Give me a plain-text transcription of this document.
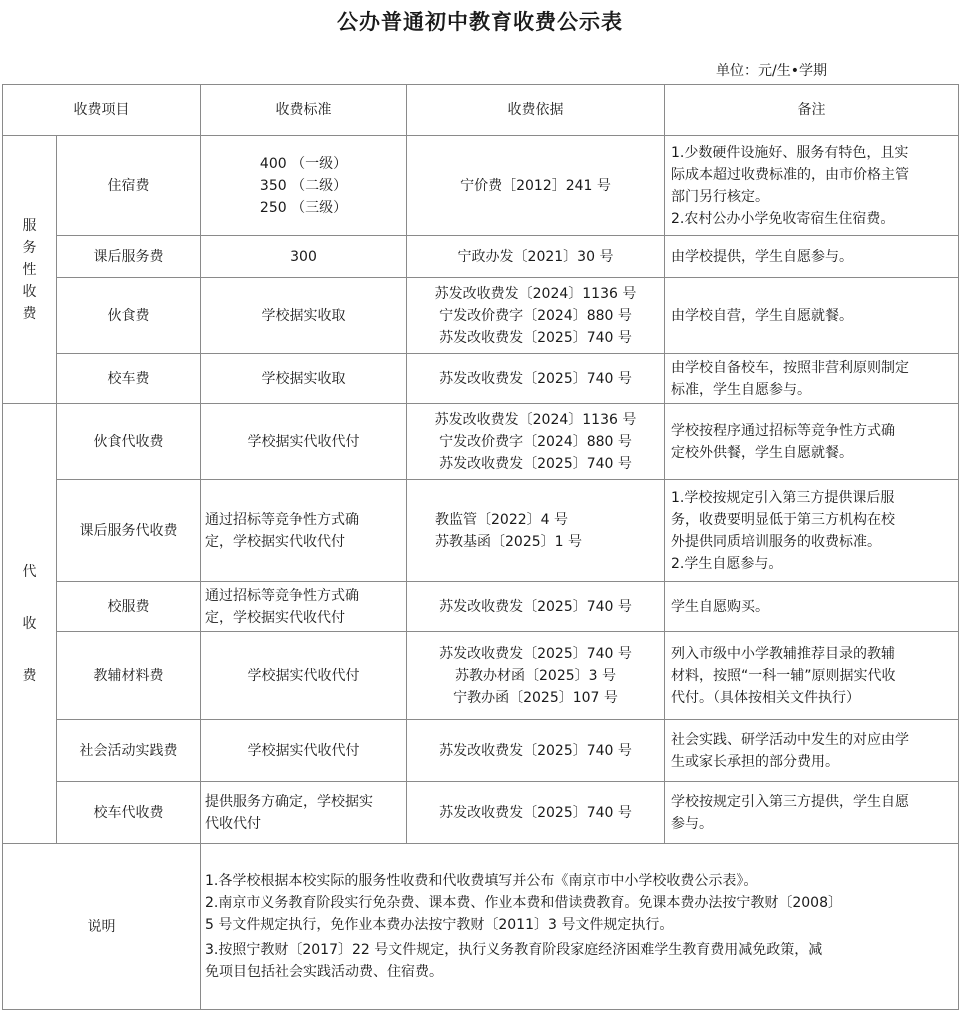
公办普通初中教育收费公示表
单位：元/生•学期
收费项目		收费标准	收费依据	备注

服
务
性
收
费	住宿费	400 （一级）
350 （二级）
250 （三级）	宁价费［2012］241 号	1.少数硬件设施好、服务有特色，且实
际成本超过收费标准的，由市价格主管
部门另行核定。
2.农村公办小学免收寄宿生住宿费。

	课后服务费	300	宁政办发〔2021〕30 号	由学校提供，学生自愿参与。
	伙食费	学校据实收取	苏发改收费发〔2024〕1136 号
宁发改价费字〔2024〕880 号
苏发改收费发〔2025〕740 号	由学校自营，学生自愿就餐。
	校车费	学校据实收取	苏发改收费发〔2025〕740 号	由学校自备校车，按照非营利原则制定
标准，学生自愿参与。

代
收
费	伙食代收费	学校据实代收代付	苏发改收费发〔2024〕1136 号
宁发改价费字〔2024〕880 号
苏发改收费发〔2025〕740 号	学校按程序通过招标等竞争性方式确
定校外供餐，学生自愿就餐。

	课后服务代收费	通过招标等竞争性方式确
定，学校据实代收代付	教监管〔2022〕4 号
苏教基函〔2025〕1 号	1.学校按规定引入第三方提供课后服
务，收费要明显低于第三方机构在校
外提供同质培训服务的收费标准。
2.学生自愿参与。

	校服费	通过招标等竞争性方式确
定，学校据实代收代付	苏发改收费发〔2025〕740 号	学生自愿购买。
	教辅材料费	学校据实代收代付	苏发改收费发〔2025〕740 号
苏教办材函〔2025〕3 号
宁教办函〔2025〕107 号	列入市级中小学教辅推荐目录的教辅
材料，按照“一科一辅”原则据实代收
代付。（具体按相关文件执行）

	社会活动实践费	学校据实代收代付	苏发改收费发〔2025〕740 号	社会实践、研学活动中发生的对应由学
生或家长承担的部分费用。

	校车代收费	提供服务方确定，学校据实
代收代付	苏发改收费发〔2025〕740 号	学校按规定引入第三方提供，学生自愿
参与。

说明		1.各学校根据本校实际的服务性收费和代收费填写并公布《南京市中小学校收费公示表》。
2.南京市义务教育阶段实行免杂费、课本费、作业本费和借读费教育。免课本费办法按宁教财〔2008〕
5 号文件规定执行，免作业本费办法按宁教财〔2011〕3 号文件规定执行。
3.按照宁教财〔2017〕22 号文件规定，执行义务教育阶段家庭经济困难学生教育费用减免政策，减
免项目包括社会实践活动费、住宿费。		
